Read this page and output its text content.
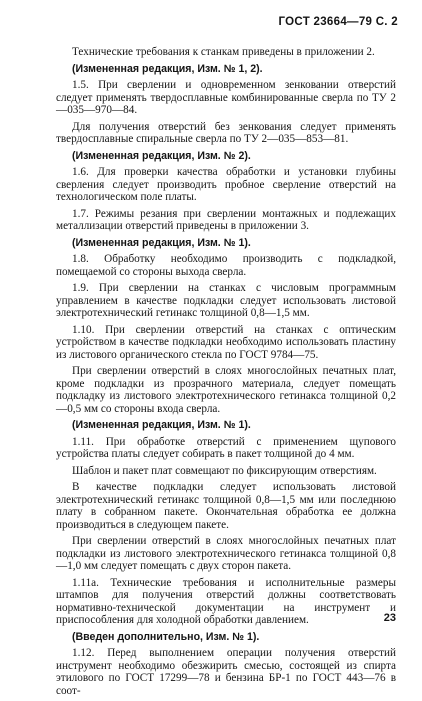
ГОСТ 23664—79 С. 2

Технические требования к станкам приведены в приложении 2.

(Измененная редакция, Изм. № 1, 2).

1.5. При сверлении и одновременном зенковании отверстий следует применять твердосплавные комбинированные сверла по ТУ 2—035—970—84.

Для получения отверстий без зенкования следует применять твердосплавные спиральные сверла по ТУ 2—035—853—81.

(Измененная редакция, Изм. № 2).

1.6. Для проверки качества обработки и установки глубины сверления следует производить пробное сверление отверстий на технологическом поле платы.

1.7. Режимы резания при сверлении монтажных и подлежащих металлизации отверстий приведены в приложении 3.

(Измененная редакция, Изм. № 1).

1.8. Обработку необходимо производить с подкладкой, помещаемой со стороны выхода сверла.

1.9. При сверлении на станках с числовым программным управлением в качестве подкладки следует использовать листовой электротехнический гетинакс толщиной 0,8—1,5 мм.

1.10. При сверлении отверстий на станках с оптическим устройством в качестве подкладки необходимо использовать пластину из листового органического стекла по ГОСТ 9784—75.

При сверлении отверстий в слоях многослойных печатных плат, кроме подкладки из прозрачного материала, следует помещать подкладку из листового электротехнического гетинакса толщиной 0,2—0,5 мм со стороны входа сверла.

(Измененная редакция, Изм. № 1).

1.11. При обработке отверстий с применением щупового устройства платы следует собирать в пакет толщиной до 4 мм.

Шаблон и пакет плат совмещают по фиксирующим отверстиям.

В качестве подкладки следует использовать листовой электротехнический гетинакс толщиной 0,8—1,5 мм или последнюю плату в собранном пакете. Окончательная обработка ее должна производиться в следующем пакете.

При сверлении отверстий в слоях многослойных печатных плат подкладки из листового электротехнического гетинакса толщиной 0,8—1,0 мм следует помещать с двух сторон пакета.

1.11а. Технические требования и исполнительные размеры штампов для получения отверстий должны соответствовать нормативно-технической документации на инструмент и приспособления для холодной обработки давлением.

(Введен дополнительно, Изм. № 1).

1.12. Перед выполнением операции получения отверстий инструмент необходимо обезжирить смесью, состоящей из спирта этилового по ГОСТ 17299—78 и бензина БР-1 по ГОСТ 443—76 в соот-

23
